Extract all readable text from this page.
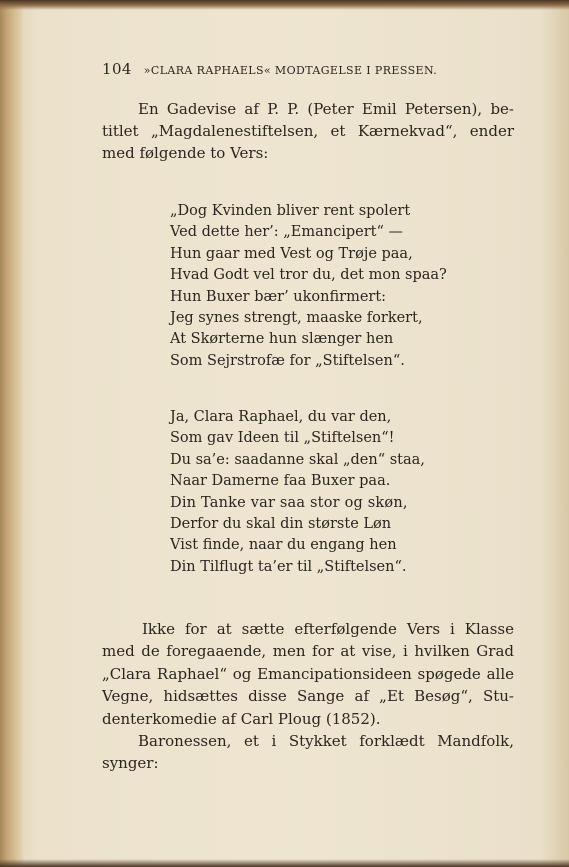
104 »CLARA RAPHAELS« MODTAGELSE I PRESSEN.
En Gadevise af P. P. (Peter Emil Petersen), be-
titlet „Magdalenestiftelsen, et Kærnekvad“, ender
med følgende to Vers:
„Dog Kvinden bliver rent spolert
Ved dette her’: „Emancipert“ —
Hun gaar med Vest og Trøje paa,
Hvad Godt vel tror du, det mon spaa?
Hun Buxer bær’ ukonfirmert:
Jeg synes strengt, maaske forkert,
At Skørterne hun slænger hen
Som Sejrstrofæ for „Stiftelsen“.
Ja, Clara Raphael, du var den,
Som gav Ideen til „Stiftelsen“!
Du sa’e: saadanne skal „den“ staa,
Naar Damerne faa Buxer paa.
Din Tanke var saa stor og skøn,
Derfor du skal din største Løn
Vist finde, naar du engang hen
Din Tilflugt ta’er til „Stiftelsen“.
Ikke for at sætte efterfølgende Vers i Klasse
med de foregaaende, men for at vise, i hvilken Grad
„Clara Raphael“ og Emancipationsideen spøgede alle
Vegne, hidsættes disse Sange af „Et Besøg“, Stu-
denterkomedie af Carl Ploug (1852).
Baronessen, et i Stykket forklædt Mandfolk,
synger:
